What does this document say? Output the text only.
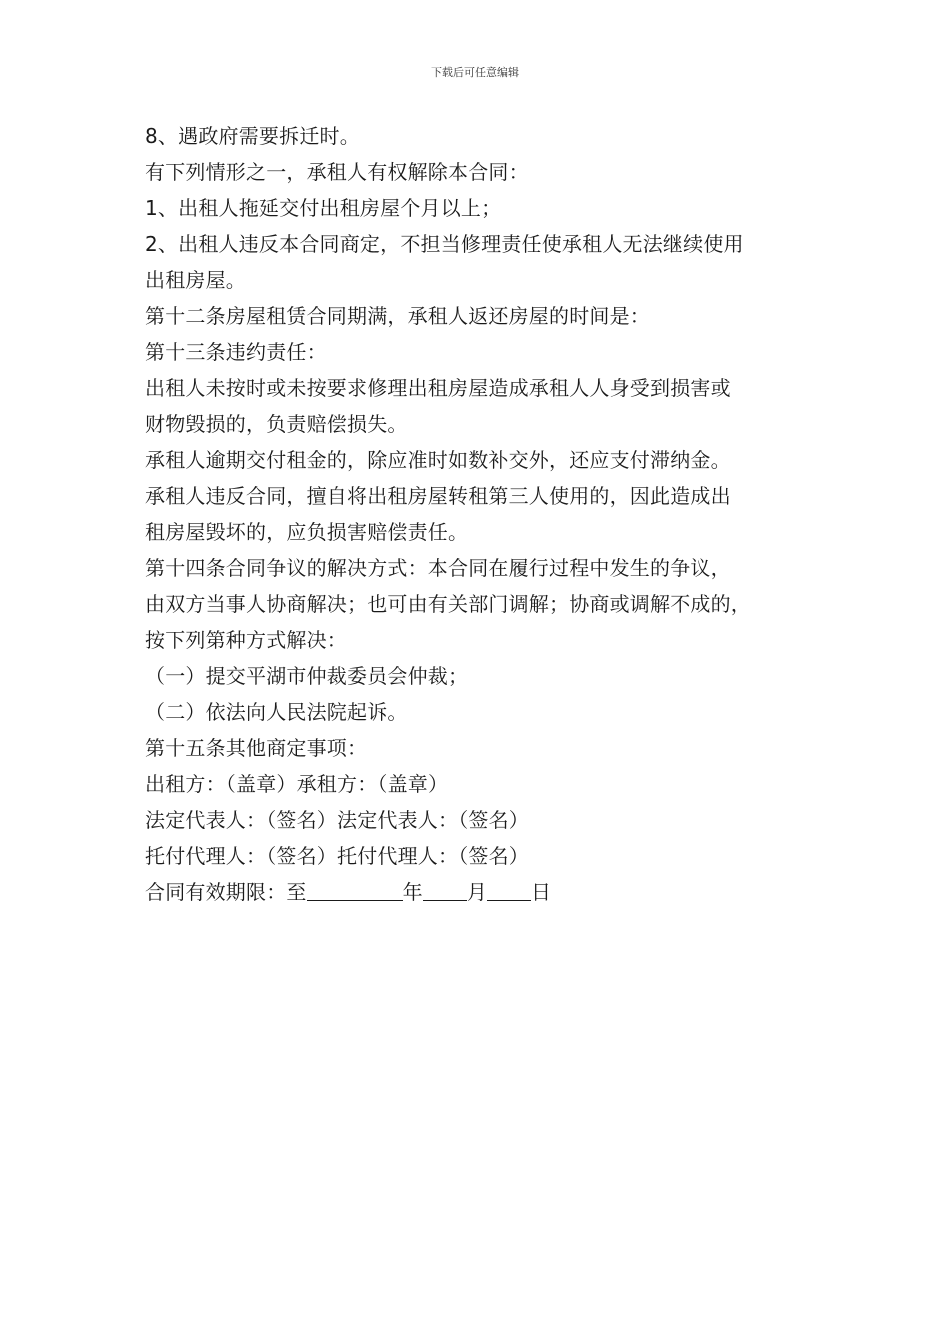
下载后可任意编辑
8、遇政府需要拆迁时。
有下列情形之一，承租人有权解除本合同：
1、出租人拖延交付出租房屋个月以上；
2、出租人违反本合同商定，不担当修理责任使承租人无法继续使用
出租房屋。
第十二条房屋租赁合同期满，承租人返还房屋的时间是：
第十三条违约责任：
出租人未按时或未按要求修理出租房屋造成承租人人身受到损害或
财物毁损的，负责赔偿损失。
承租人逾期交付租金的，除应准时如数补交外，还应支付滞纳金。
承租人违反合同，擅自将出租房屋转租第三人使用的，因此造成出
租房屋毁坏的，应负损害赔偿责任。
第十四条合同争议的解决方式：本合同在履行过程中发生的争议，
由双方当事人协商解决；也可由有关部门调解；协商或调解不成的，
按下列第种方式解决：
（一）提交平湖市仲裁委员会仲裁；
（二）依法向人民法院起诉。
第十五条其他商定事项：
出租方：（盖章）承租方：（盖章）
法定代表人：（签名）法定代表人：（签名）
托付代理人：（签名）托付代理人：（签名）
合同有效期限：至	年 月 日
